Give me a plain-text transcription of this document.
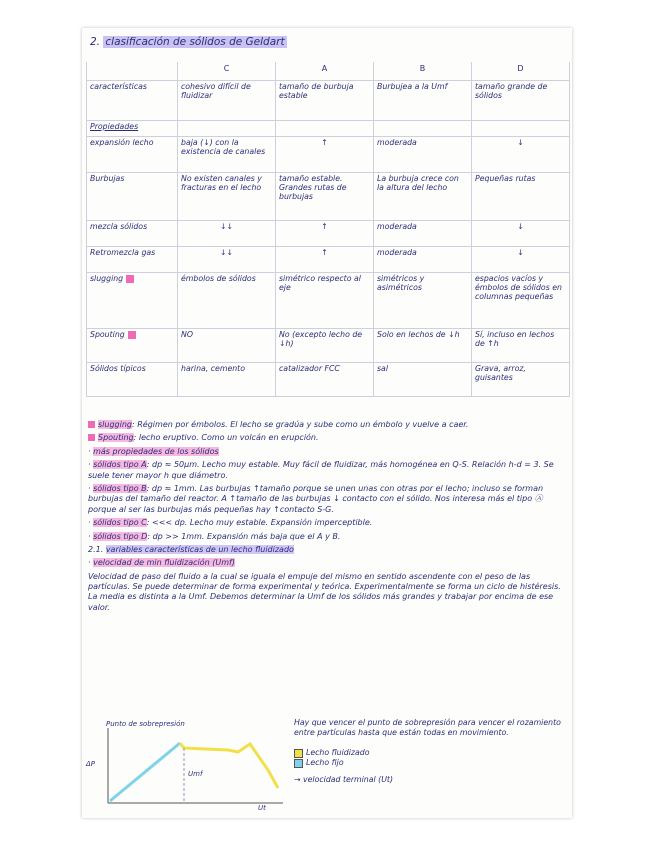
2. clasificación de sólidos de Geldart
	C	A	B	D
características	cohesivo difícil de fluidizar	tamaño de burbuja estable	Burbujea a la Umf	tamaño grande de sólidos
Propiedades				
expansión lecho	baja (↓) con la existencia de canales	↑	moderada	↓
Burbujas	No existen canales y fracturas en el lecho	tamaño estable. Grandes rutas de burbujas	La burbuja crece con la altura del lecho	Pequeñas rutas
mezcla sólidos	↓↓	↑	moderada	↓
Retromezcla gas	↓↓	↑	moderada	↓
slugging	émbolos de sólidos	simétrico respecto al eje	simétricos y asimétricos	espacios vacíos y émbolos de sólidos en columnas pequeñas
Spouting	NO	No (excepto lecho de ↓h)	Solo en lechos de ↓h	Sí, incluso en lechos de ↑h
Sólidos típicos	harina, cemento	catalizador FCC	sal	Grava, arroz, guisantes

slugging: Régimen por émbolos. El lecho se gradúa y sube como un émbolo y vuelve a caer.

Spouting: lecho eruptivo. Como un volcán en erupción.

· más propiedades de los sólidos

· sólidos tipo A: dp ≈ 50μm. Lecho muy estable. Muy fácil de fluidizar, más homogénea en Q-S. Relación h-d = 3. Se suele tener mayor h que diámetro.

· sólidos tipo B: dp ≈ 1mm. Las burbujas ↑tamaño porque se unen unas con otras por el lecho; incluso se forman burbujas del tamaño del reactor. A ↑tamaño de las burbujas ↓ contacto con el sólido. Nos interesa más el tipo Ⓐ porque al ser las burbujas más pequeñas hay ↑contacto S-G.

· sólidos tipo C: <<< dp. Lecho muy estable. Expansión imperceptible.

· sólidos tipo D: dp >> 1mm. Expansión más baja que el A y B.

2.1. variables características de un lecho fluidizado

· velocidad de min fluidización (Umf)

Velocidad de paso del fluido a la cual se iguala el empuje del mismo en sentido ascendente con el peso de las partículas. Se puede determinar de forma experimental y teórica. Experimentalmente se forma un ciclo de histéresis. La media es distinta a la Umf. Debemos determinar la Umf de los sólidos más grandes y trabajar por encima de ese valor.

Punto de sobrepresión
ΔP
Umf
Ut
Hay que vencer el punto de sobrepresión para vencer el rozamiento entre partículas hasta que están todas en movimiento.
Lecho fluidizado
Lecho fijo
→ velocidad terminal (Ut)
